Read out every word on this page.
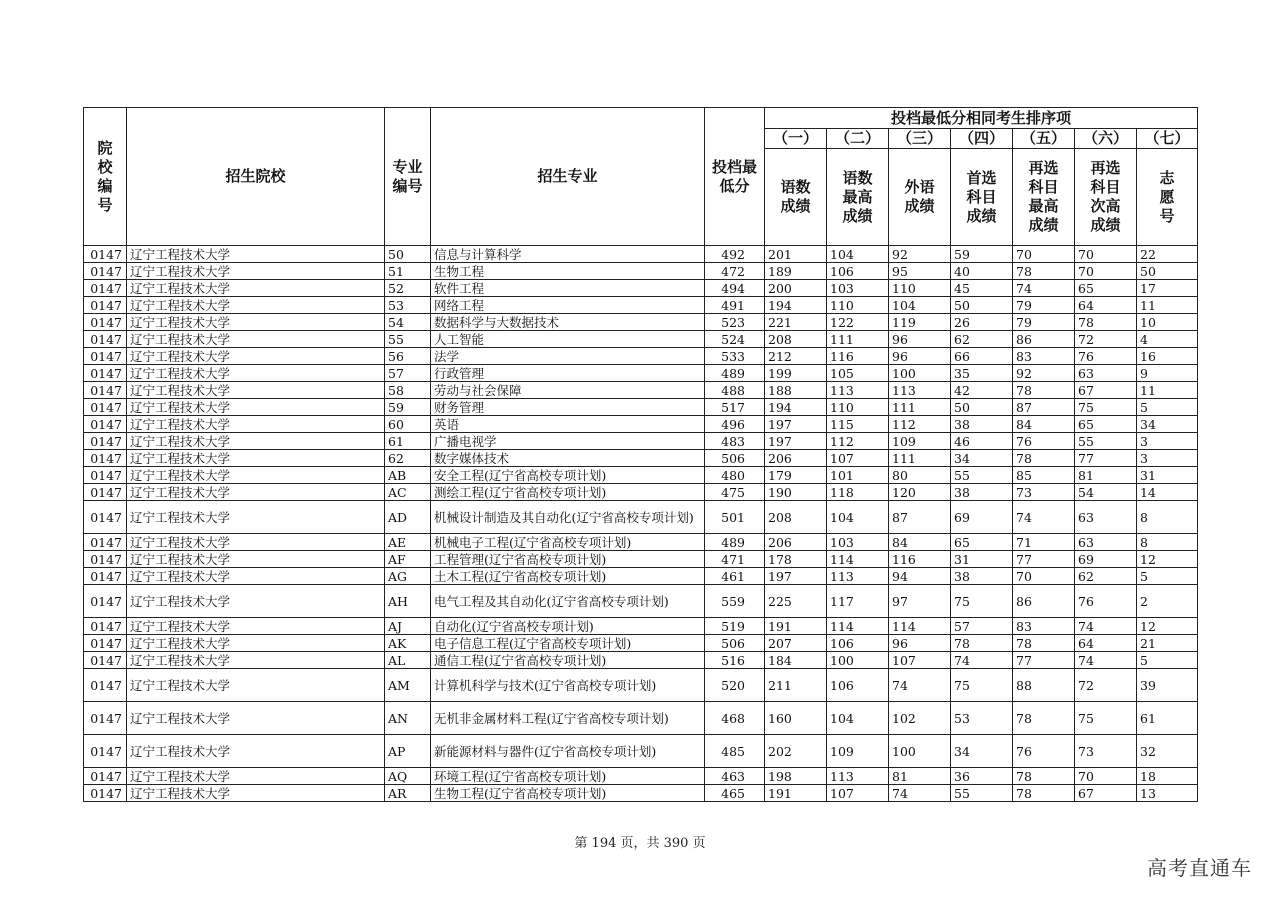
院校编号	招生院校	专业编号	招生专业	投档最低分	投档最低分相同考生排序项						
					（一）	（二）	（三）	（四）	（五）	（六）	（七）
					语数成绩	语数最高成绩	外语成绩	首选科目成绩	再选科目最高成绩	再选科目次高成绩	志愿号
0147	辽宁工程技术大学	50	信息与计算科学	492	201	104	92	59	70	70	22
0147	辽宁工程技术大学	51	生物工程	472	189	106	95	40	78	70	50
0147	辽宁工程技术大学	52	软件工程	494	200	103	110	45	74	65	17
0147	辽宁工程技术大学	53	网络工程	491	194	110	104	50	79	64	11
0147	辽宁工程技术大学	54	数据科学与大数据技术	523	221	122	119	26	79	78	10
0147	辽宁工程技术大学	55	人工智能	524	208	111	96	62	86	72	4
0147	辽宁工程技术大学	56	法学	533	212	116	96	66	83	76	16
0147	辽宁工程技术大学	57	行政管理	489	199	105	100	35	92	63	9
0147	辽宁工程技术大学	58	劳动与社会保障	488	188	113	113	42	78	67	11
0147	辽宁工程技术大学	59	财务管理	517	194	110	111	50	87	75	5
0147	辽宁工程技术大学	60	英语	496	197	115	112	38	84	65	34
0147	辽宁工程技术大学	61	广播电视学	483	197	112	109	46	76	55	3
0147	辽宁工程技术大学	62	数字媒体技术	506	206	107	111	34	78	77	3
0147	辽宁工程技术大学	AB	安全工程(辽宁省高校专项计划)	480	179	101	80	55	85	81	31
0147	辽宁工程技术大学	AC	测绘工程(辽宁省高校专项计划)	475	190	118	120	38	73	54	14
0147	辽宁工程技术大学	AD	机械设计制造及其自动化(辽宁省高校专项计划)	501	208	104	87	69	74	63	8
0147	辽宁工程技术大学	AE	机械电子工程(辽宁省高校专项计划)	489	206	103	84	65	71	63	8
0147	辽宁工程技术大学	AF	工程管理(辽宁省高校专项计划)	471	178	114	116	31	77	69	12
0147	辽宁工程技术大学	AG	土木工程(辽宁省高校专项计划)	461	197	113	94	38	70	62	5
0147	辽宁工程技术大学	AH	电气工程及其自动化(辽宁省高校专项计划)	559	225	117	97	75	86	76	2
0147	辽宁工程技术大学	AJ	自动化(辽宁省高校专项计划)	519	191	114	114	57	83	74	12
0147	辽宁工程技术大学	AK	电子信息工程(辽宁省高校专项计划)	506	207	106	96	78	78	64	21
0147	辽宁工程技术大学	AL	通信工程(辽宁省高校专项计划)	516	184	100	107	74	77	74	5
0147	辽宁工程技术大学	AM	计算机科学与技术(辽宁省高校专项计划)	520	211	106	74	75	88	72	39
0147	辽宁工程技术大学	AN	无机非金属材料工程(辽宁省高校专项计划)	468	160	104	102	53	78	75	61
0147	辽宁工程技术大学	AP	新能源材料与器件(辽宁省高校专项计划)	485	202	109	100	34	76	73	32
0147	辽宁工程技术大学	AQ	环境工程(辽宁省高校专项计划)	463	198	113	81	36	78	70	18
0147	辽宁工程技术大学	AR	生物工程(辽宁省高校专项计划)	465	191	107	74	55	78	67	13
第 194 页，共 390 页
高考直通车
